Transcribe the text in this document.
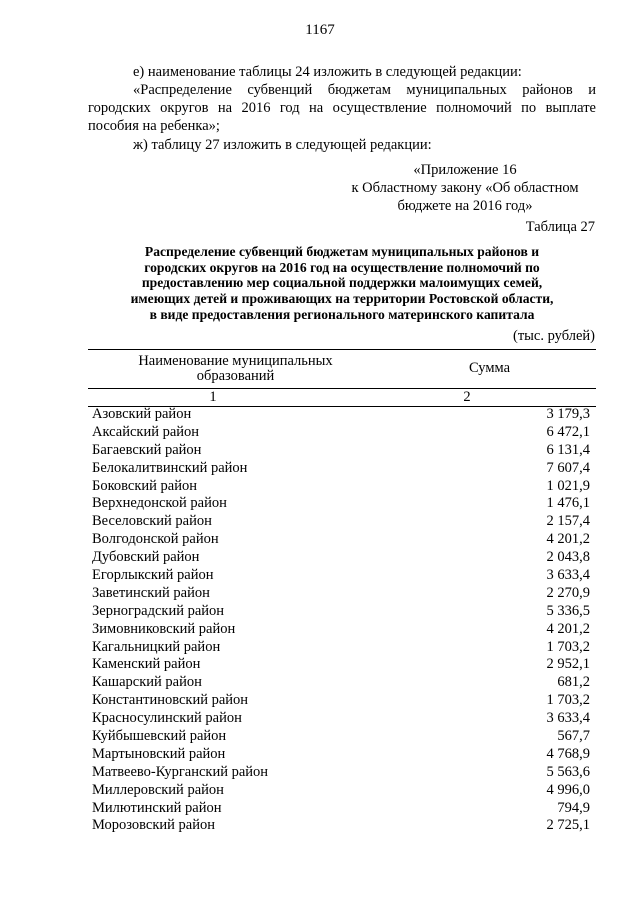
1167
е) наименование таблицы 24 изложить в следующей редакции:
«Распределение субвенций бюджетам муниципальных районов и городских округов на 2016 год на осуществление полномочий по выплате пособия на ребенка»;
ж) таблицу 27 изложить в следующей редакции:
«Приложение 16
к Областному закону «Об областном
бюджете на 2016 год»
Таблица 27
Распределение субвенций бюджетам муниципальных районов и
городских округов на 2016 год на осуществление полномочий по
предоставлению мер социальной поддержки малоимущих семей,
имеющих детей и проживающих на территории Ростовской области,
в виде предоставления регионального материнского капитала
(тыс. рублей)
Наименование муниципальных
образований	Сумма
1	2
Азовский район	3 179,3
Аксайский район	6 472,1
Багаевский район	6 131,4
Белокалитвинский район	7 607,4
Боковский район	1 021,9
Верхнедонской район	1 476,1
Веселовский район	2 157,4
Волгодонской район	4 201,2
Дубовский район	2 043,8
Егорлыкский район	3 633,4
Заветинский район	2 270,9
Зерноградский район	5 336,5
Зимовниковский район	4 201,2
Кагальницкий район	1 703,2
Каменский район	2 952,1
Кашарский район	681,2
Константиновский район	1 703,2
Красносулинский район	3 633,4
Куйбышевский район	567,7
Мартыновский район	4 768,9
Матвеево-Курганский район	5 563,6
Миллеровский район	4 996,0
Милютинский район	794,9
Морозовский район	2 725,1
